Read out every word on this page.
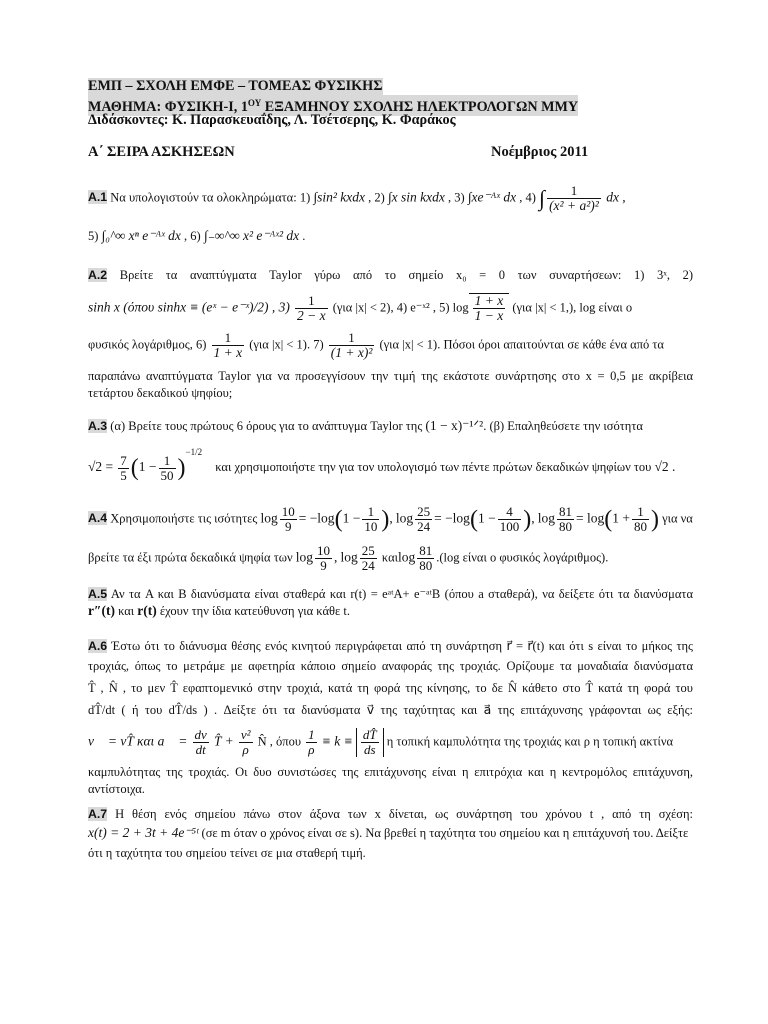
ΕΜΠ – ΣΧΟΛΗ ΕΜΦΕ – ΤΟΜΕΑΣ ΦΥΣΙΚΗΣ
ΜΑΘΗΜΑ: ΦΥΣΙΚΗ-Ι, $1^{O\Upsilon}$ ΕΞΑΜΗΝΟΥ ΣΧΟΛΗΣ ΗΛΕΚΤΡΟΛΟΓΩΝ ΜΜΥ
Διδάσκοντες: Κ. Παρασκευαΐδης, Λ. Τσέτσερης, Κ. Φαράκος
Α΄ ΣΕΙΡΑ ΑΣΚΗΣΕΩΝ	Νοέμβριος 2011
Α.1 Να υπολογιστούν τα ολοκληρώματα: 1) ∫sin² kxdx , 2) ∫x sin kxdx , 3) ∫xe⁻ᴬˣ dx , 4) ∫ $\frac{1}{\text{(x² + a²)²}}$ dx ,
5) ∫₀^∞ xⁿ e⁻ᴬˣ dx , 6) ∫₋∞^∞ x² e⁻ᴬˣ² dx .
Α.2 Βρείτε τα αναπτύγματα Taylor γύρω από το σημείο x₀ = 0 των συναρτήσεων: 1) 3ˣ, 2)
sinh x (όπου sinhx ≡ (eˣ − e⁻ˣ)/2) , $3) \frac{1}{2 - x} (\gamma\iota\alpha$ |x| < 2), 4) e⁻ˣ² , 5) $\log \frac{1 + x}{1 - x} (\gamma\iota\alpha$ |x| < 1,), log είναι ο
φυσικός λογάριθμος, $6) \frac{1}{1 + x} (\gamma\iota\alpha$ |x| < 1). $7) \frac{1}{\text{(1 + x)²}} (\gamma\iota\alpha$ |x| < 1). Πόσοι όροι απαιτούνται σε κάθε ένα από τα
παραπάνω αναπτύγματα Taylor για να προσεγγίσουν την τιμή της εκάστοτε συνάρτησης στο x = 0,5 με ακρίβεια
τετάρτου δεκαδικού ψηφίου;
Α.3 (α) Βρείτε τους πρώτους 6 όρους για το ανάπτυγμα Taylor της (1 − x)⁻¹ᐟ². (β) Επαληθεύσετε την ισότητα
$√2 = \frac{7}{5} (1 - \frac{1}{50} )^{-1/2}$ και χρησιμοποιήστε την για τον υπολογισμό των πέντε πρώτων δεκαδικών ψηφίων του √2 .
Α.4 Χρησιμοποιήστε τις ισότητες $\log \frac{10}{9} = -\log(1 - \frac{1}{10}$ ), $\log \frac{25}{24} = -\log(1 - \frac{4}{100}$ ), $\log \frac{81}{80} = \log(1 + \frac{1}{80}$ ) για να
βρείτε τα έξι πρώτα δεκαδικά ψηφία των $\log \frac{10}{9}$ , $\log \frac{25}{24}$ καιlog $\frac{81}{80} .(\log$ είναι ο φυσικός λογάριθμος).
Α.5 Αν τα A και B διανύσματα είναι σταθερά και r(t) = eᵃᵗA+ e⁻ᵃᵗB (όπου a σταθερά), να δείξετε ότι τα διανύσματα
r″(t) και r(t) έχουν την ίδια κατεύθυνση για κάθε t.
Α.6 Έστω ότι το διάνυσμα θέσης ενός κινητού περιγράφεται από τη συνάρτηση r⃗ = r⃗(t) και ότι s είναι το μήκος της
τροχιάς, όπως το μετράμε με αφετηρία κάποιο σημείο αναφοράς της τροχιάς. Ορίζουμε τα μοναδιαία διανύσματα
T̂ , N̂ , το μεν T̂ εφαπτομενικό στην τροχιά, κατά τη φορά της κίνησης, το δε N̂ κάθετο στο T̂ κατά τη φορά του
dT̂/dt ( ή του dT̂/ds ) . Δείξτε ότι τα διανύσματα v⃗ της ταχύτητας και a⃗ της επιτάχυνσης γράφονται ως εξής:
v⃗ = vT̂ και a⃗ = $\frac{dv}{dt}$ T̂ + $\frac{\text{v²}}{\rho}$ N̂ , όπου $\frac{1}{\rho} \equiv k \equiv \frac{dT̂}{ds}$ η τοπική καμπυλότητα της τροχιάς και ρ η τοπική ακτίνα
καμπυλότητας της τροχιάς. Οι δυο συνιστώσες της επιτάχυνσης είναι η επιτρόχια και η κεντρομόλος επιτάχυνση,
αντίστοιχα.
Α.7 Η θέση ενός σημείου πάνω στον άξονα των x δίνεται, ως συνάρτηση του χρόνου t , από τη σχέση:
x(t) = 2 + 3t + 4e⁻⁵ᵗ (σε m όταν ο χρόνος είναι σε s). Να βρεθεί η ταχύτητα του σημείου και η επιτάχυνσή του. Δείξτε
ότι η ταχύτητα του σημείου τείνει σε μια σταθερή τιμή.
